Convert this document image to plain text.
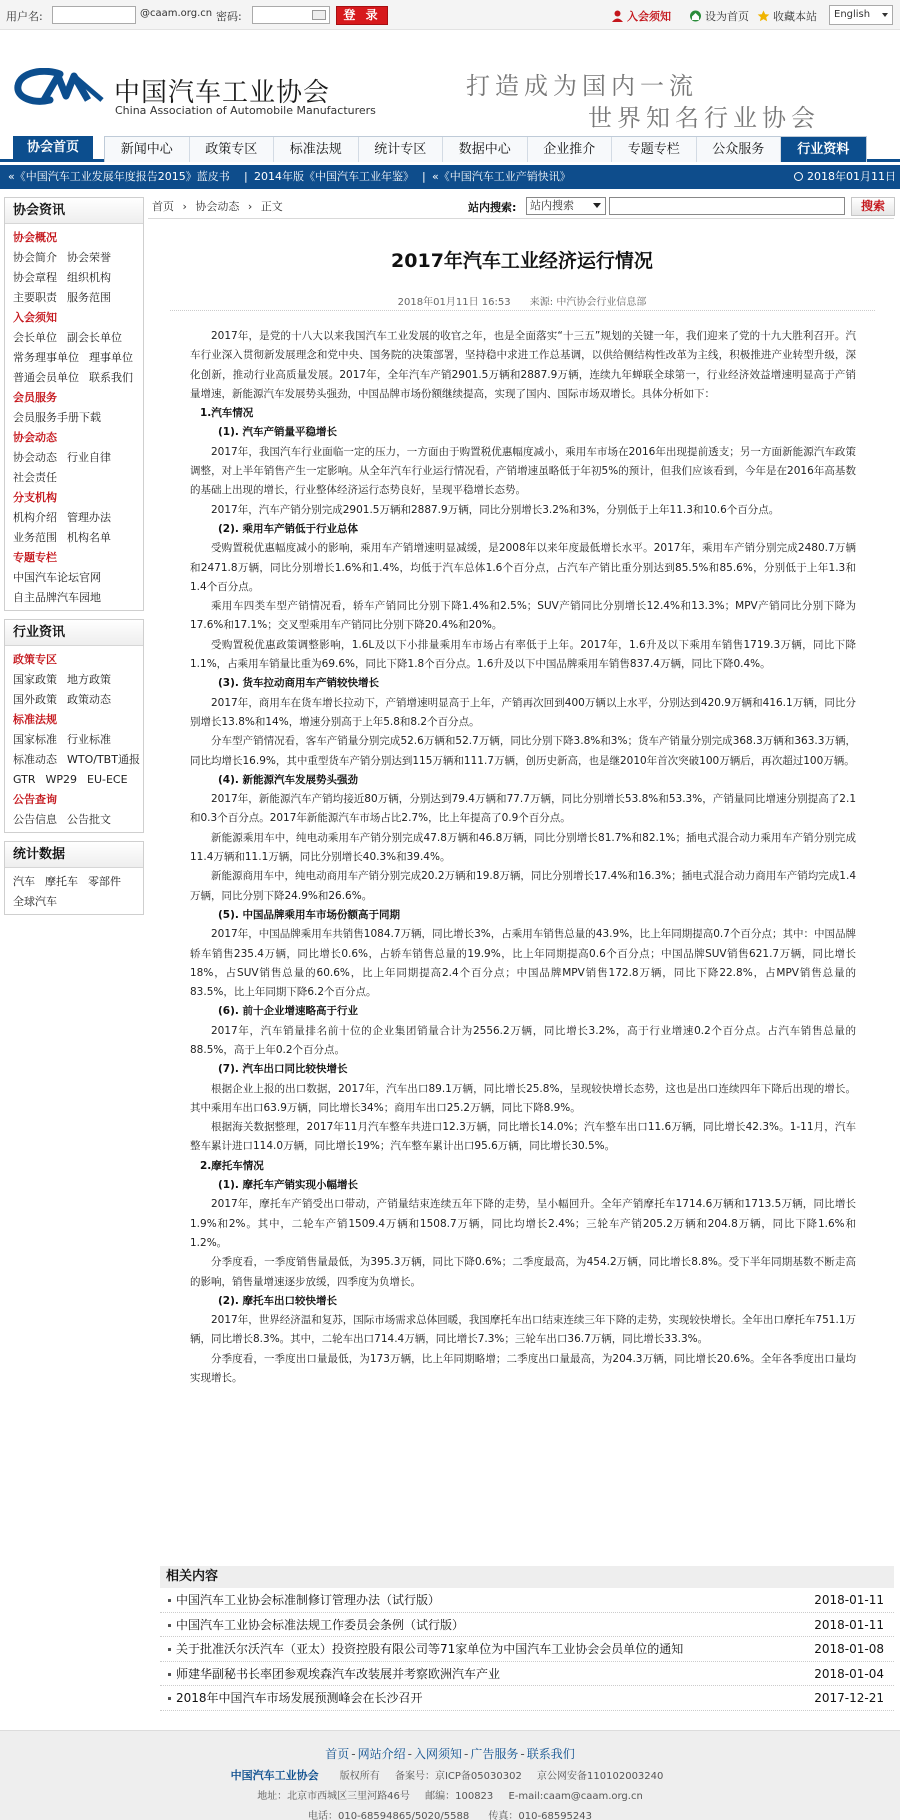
用户名:	@caam.org.cn 密码:	登 录	入会须知	设为首页	收藏本站	English
中国汽车工业协会
China Association of Automobile Manufacturers
打造成为国内一流
世界知名行业协会
协会首页	新闻中心	政策专区	标准法规	统计专区	数据中心	企业推介	专题专栏	公众服务	行业资料
«《中国汽车工业发展年度报告2015》蓝皮书 | 2014年版《中国汽车工业年鉴》 | «《中国汽车工业产销快讯》	2018年01月11日
协会资讯
协会概况
协会简介 协会荣誉
协会章程 组织机构
主要职责 服务范围
入会须知
会长单位 副会长单位
常务理事单位 理事单位
普通会员单位 联系我们
会员服务
会员服务手册下载
协会动态
协会动态 行业自律
社会责任
分支机构
机构介绍 管理办法
业务范围 机构名单
专题专栏
中国汽车论坛官网
自主品牌汽车园地
行业资讯
政策专区
国家政策 地方政策
国外政策 政策动态
标准法规
国家标准 行业标准
标准动态 WTO/TBT通报
GTR WP29 EU-ECE
公告查询
公告信息 公告批文
统计数据
汽车 摩托车 零部件
全球汽车
首页 › 协会动态 › 正文	站内搜索:	站内搜索	搜索
2017年汽车工业经济运行情况
2018年01月11日 16:53 来源: 中汽协会行业信息部

2017年，是党的十八大以来我国汽车工业发展的收官之年，也是全面落实“十三五”规划的关键一年，我们迎来了党的十九大胜利召开。汽车行业深入贯彻新发展理念和党中央、国务院的决策部署，坚持稳中求进工作总基调，以供给侧结构性改革为主线，积极推进产业转型升级，深化创新，推动行业高质量发展。2017年，全年汽车产销2901.5万辆和2887.9万辆，连续九年蝉联全球第一，行业经济效益增速明显高于产销量增速，新能源汽车发展势头强劲，中国品牌市场份额继续提高，实现了国内、国际市场双增长。具体分析如下：

1.汽车情况

(1). 汽车产销量平稳增长

2017年，我国汽车行业面临一定的压力，一方面由于购置税优惠幅度减小，乘用车市场在2016年出现提前透支；另一方面新能源汽车政策调整，对上半年销售产生一定影响。从全年汽车行业运行情况看，产销增速虽略低于年初5%的预计，但我们应该看到，今年是在2016年高基数的基础上出现的增长，行业整体经济运行态势良好，呈现平稳增长态势。

2017年，汽车产销分别完成2901.5万辆和2887.9万辆，同比分别增长3.2%和3%，分别低于上年11.3和10.6个百分点。

(2). 乘用车产销低于行业总体

受购置税优惠幅度减小的影响，乘用车产销增速明显减缓，是2008年以来年度最低增长水平。2017年，乘用车产销分别完成2480.7万辆和2471.8万辆，同比分别增长1.6%和1.4%，均低于汽车总体1.6个百分点，占汽车产销比重分别达到85.5%和85.6%，分别低于上年1.3和1.4个百分点。

乘用车四类车型产销情况看，轿车产销同比分别下降1.4%和2.5%；SUV产销同比分别增长12.4%和13.3%；MPV产销同比分别下降为17.6%和17.1%；交叉型乘用车产销同比分别下降20.4%和20%。

受购置税优惠政策调整影响，1.6L及以下小排量乘用车市场占有率低于上年。2017年，1.6升及以下乘用车销售1719.3万辆，同比下降1.1%，占乘用车销量比重为69.6%，同比下降1.8个百分点。1.6升及以下中国品牌乘用车销售837.4万辆，同比下降0.4%。

(3). 货车拉动商用车产销较快增长

2017年，商用车在货车增长拉动下，产销增速明显高于上年，产销再次回到400万辆以上水平，分别达到420.9万辆和416.1万辆，同比分别增长13.8%和14%，增速分别高于上年5.8和8.2个百分点。

分车型产销情况看，客车产销量分别完成52.6万辆和52.7万辆，同比分别下降3.8%和3%；货车产销量分别完成368.3万辆和363.3万辆，同比均增长16.9%，其中重型货车产销分别达到115万辆和111.7万辆，创历史新高，也是继2010年首次突破100万辆后，再次超过100万辆。

(4). 新能源汽车发展势头强劲

2017年，新能源汽车产销均接近80万辆，分别达到79.4万辆和77.7万辆，同比分别增长53.8%和53.3%，产销量同比增速分别提高了2.1和0.3个百分点。2017年新能源汽车市场占比2.7%，比上年提高了0.9个百分点。

新能源乘用车中，纯电动乘用车产销分别完成47.8万辆和46.8万辆，同比分别增长81.7%和82.1%；插电式混合动力乘用车产销分别完成11.4万辆和11.1万辆，同比分别增长40.3%和39.4%。

新能源商用车中，纯电动商用车产销分别完成20.2万辆和19.8万辆，同比分别增长17.4%和16.3%；插电式混合动力商用车产销均完成1.4万辆，同比分别下降24.9%和26.6%。

(5). 中国品牌乘用车市场份额高于同期

2017年，中国品牌乘用车共销售1084.7万辆，同比增长3%，占乘用车销售总量的43.9%，比上年同期提高0.7个百分点；其中：中国品牌轿车销售235.4万辆，同比增长0.6%，占轿车销售总量的19.9%，比上年同期提高0.6个百分点；中国品牌SUV销售621.7万辆，同比增长18%，占SUV销售总量的60.6%，比上年同期提高2.4个百分点；中国品牌MPV销售172.8万辆，同比下降22.8%，占MPV销售总量的83.5%，比上年同期下降6.2个百分点。

(6). 前十企业增速略高于行业

2017年，汽车销量排名前十位的企业集团销量合计为2556.2万辆，同比增长3.2%，高于行业增速0.2个百分点。占汽车销售总量的88.5%，高于上年0.2个百分点。

(7). 汽车出口同比较快增长

根据企业上报的出口数据，2017年，汽车出口89.1万辆，同比增长25.8%，呈现较快增长态势，这也是出口连续四年下降后出现的增长。其中乘用车出口63.9万辆，同比增长34%；商用车出口25.2万辆，同比下降8.9%。

根据海关数据整理，2017年11月汽车整车共进口12.3万辆，同比增长14.0%；汽车整车出口11.6万辆，同比增长42.3%。1-11月，汽车整车累计进口114.0万辆，同比增长19%；汽车整车累计出口95.6万辆，同比增长30.5%。

2.摩托车情况

(1). 摩托车产销实现小幅增长

2017年，摩托车产销受出口带动，产销量结束连续五年下降的走势，呈小幅回升。全年产销摩托车1714.6万辆和1713.5万辆，同比增长1.9%和2%。其中，二轮车产销1509.4万辆和1508.7万辆，同比均增长2.4%；三轮车产销205.2万辆和204.8万辆，同比下降1.6%和1.2%。

分季度看，一季度销售量最低，为395.3万辆，同比下降0.6%；二季度最高，为454.2万辆，同比增长8.8%。受下半年同期基数不断走高的影响，销售量增速逐步放缓，四季度为负增长。

(2). 摩托车出口较快增长

2017年，世界经济温和复苏，国际市场需求总体回暖，我国摩托车出口结束连续三年下降的走势，实现较快增长。全年出口摩托车751.1万辆，同比增长8.3%。其中，二轮车出口714.4万辆，同比增长7.3%；三轮车出口36.7万辆，同比增长33.3%。

分季度看，一季度出口量最低，为173万辆，比上年同期略增；二季度出口量最高，为204.3万辆，同比增长20.6%。全年各季度出口量均实现增长。

相关内容
中国汽车工业协会标准制修订管理办法（试行版）	2018-01-11
中国汽车工业协会标准法规工作委员会条例（试行版）	2018-01-11
关于批准沃尔沃汽车（亚太）投资控股有限公司等71家单位为中国汽车工业协会会员单位的通知	2018-01-08
师建华副秘书长率团参观埃森汽车改装展并考察欧洲汽车产业	2018-01-04
2018年中国汽车市场发展预测峰会在长沙召开	2017-12-21
首页 - 网站介绍 - 入网须知 - 广告服务 - 联系我们
中国汽车工业协会 版权所有 备案号：京ICP备05030302 京公网安备110102003240
地址：北京市西城区三里河路46号 邮编：100823 E-mail:caam@caam.org.cn
电话：010-68594865/5020/5588 传真：010-68595243
